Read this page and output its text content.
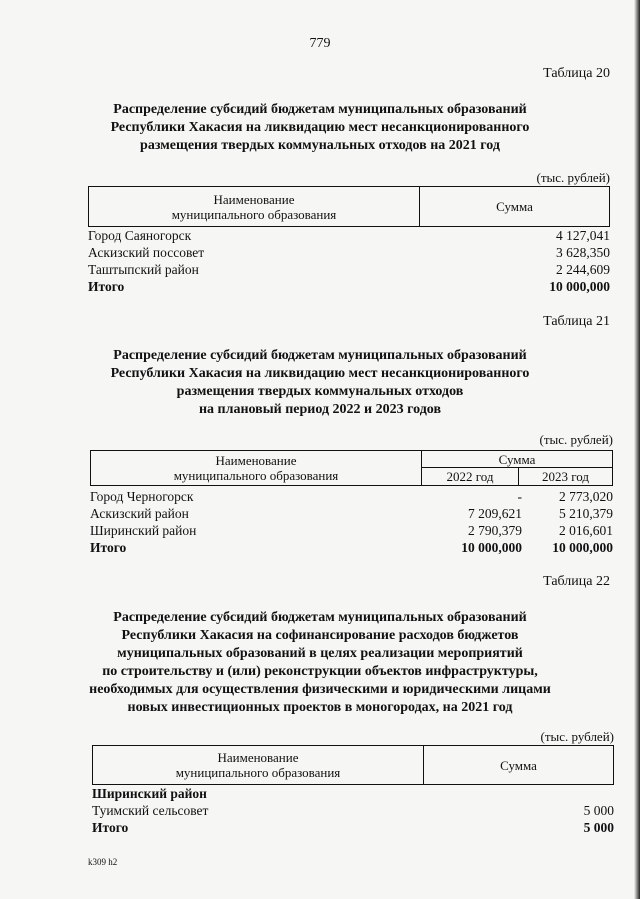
779
Таблица 20
Распределение субсидий бюджетам муниципальных образований
Республики Хакасия на ликвидацию мест несанкционированного
размещения твердых коммунальных отходов на 2021 год
(тыс. рублей)
Наименование
муниципального образования	Сумма
Город Саяногорск	4 127,041
Аскизский поссовет	3 628,350
Таштыпский район	2 244,609
Итого	10 000,000
Таблица 21
Распределение субсидий бюджетам муниципальных образований
Республики Хакасия на ликвидацию мест несанкционированного
размещения твердых коммунальных отходов
на плановый период 2022 и 2023 годов
(тыс. рублей)
Наименование
муниципального образования
Сумма
2022 год	2023 год
Город Черногорск	-	2 773,020
Аскизский район	7 209,621	5 210,379
Ширинский район	2 790,379	2 016,601
Итого	10 000,000 10 000,000
Таблица 22
Распределение субсидий бюджетам муниципальных образований
Республики Хакасия на софинансирование расходов бюджетов
муниципальных образований в целях реализации мероприятий
по строительству и (или) реконструкции объектов инфраструктуры,
необходимых для осуществления физическими и юридическими лицами
новых инвестиционных проектов в моногородах, на 2021 год
(тыс. рублей)
Наименование
муниципального образования	Сумма
Ширинский район
Туимский сельсовет	5 000
Итого	5 000
k309 h2
